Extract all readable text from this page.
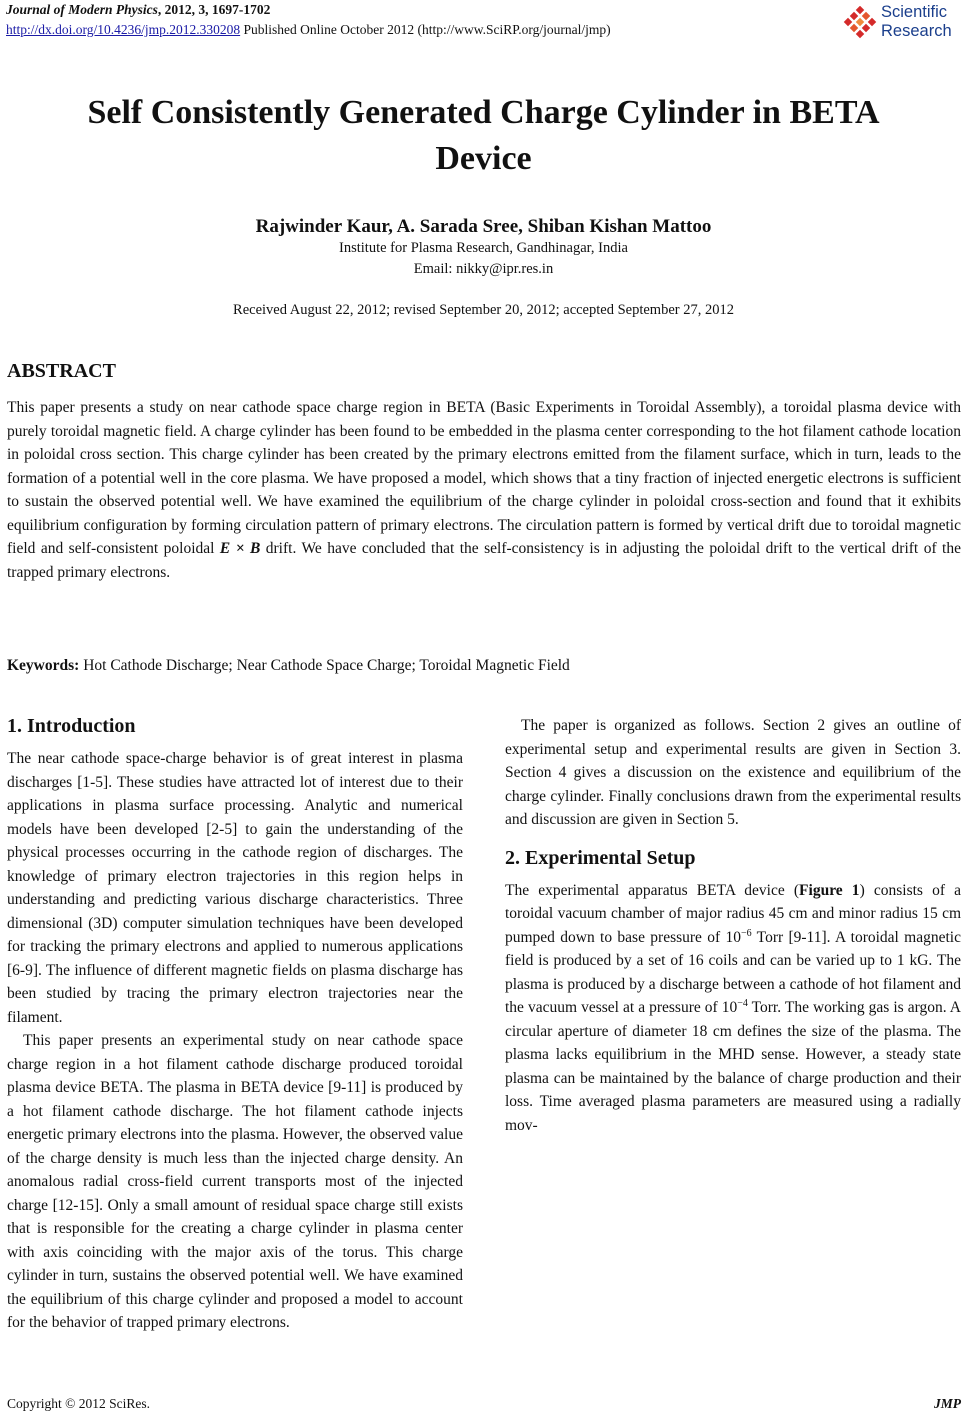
Journal of Modern Physics, 2012, 3, 1697-1702
http://dx.doi.org/10.4236/jmp.2012.330208 Published Online October 2012 (http://www.SciRP.org/journal/jmp)
Scientific
Research
Self Consistently Generated Charge Cylinder in BETA Device
Rajwinder Kaur, A. Sarada Sree, Shiban Kishan Mattoo
Institute for Plasma Research, Gandhinagar, India
Email: nikky@ipr.res.in
Received August 22, 2012; revised September 20, 2012; accepted September 27, 2012
ABSTRACT

This paper presents a study on near cathode space charge region in BETA (Basic Experiments in Toroidal Assembly), a toroidal plasma device with purely toroidal magnetic field. A charge cylinder has been found to be embedded in the plasma center corresponding to the hot filament cathode location in poloidal cross section. This charge cylinder has been created by the primary electrons emitted from the filament surface, which in turn, leads to the formation of a potential well in the core plasma. We have proposed a model, which shows that a tiny fraction of injected energetic electrons is sufficient to sustain the observed potential well. We have examined the equilibrium of the charge cylinder in poloidal cross-section and found that it exhibits equilibrium configuration by forming circulation pattern of primary electrons. The circulation pattern is formed by vertical drift due to toroidal magnetic field and self-consistent poloidal E × B drift. We have concluded that the self-consistency is in adjusting the poloidal drift to the vertical drift of the trapped primary electrons.

Keywords: Hot Cathode Discharge; Near Cathode Space Charge; Toroidal Magnetic Field
1. Introduction

The near cathode space-charge behavior is of great interest in plasma discharges [1-5]. These studies have attracted lot of interest due to their applications in plasma surface processing. Analytic and numerical models have been developed [2-5] to gain the understanding of the physical processes occurring in the cathode region of discharges. The knowledge of primary electron trajectories in this region helps in understanding and predicting various discharge characteristics. Three dimensional (3D) computer simulation techniques have been developed for tracking the primary electrons and applied to numerous applications [6-9]. The influence of different magnetic fields on plasma discharge has been studied by tracing the primary electron trajectories near the filament.

This paper presents an experimental study on near cathode space charge region in a hot filament cathode discharge produced toroidal plasma device BETA. The plasma in BETA device [9-11] is produced by a hot filament cathode discharge. The hot filament cathode injects energetic primary electrons into the plasma. However, the observed value of the charge density is much less than the injected charge density. An anomalous radial cross-field current transports most of the injected charge [12-15]. Only a small amount of residual space charge still exists that is responsible for the creating a charge cylinder in plasma center with axis coinciding with the major axis of the torus. This charge cylinder in turn, sustains the observed potential well. We have examined the equilibrium of this charge cylinder and proposed a model to account for the behavior of trapped primary electrons.

The paper is organized as follows. Section 2 gives an outline of experimental setup and experimental results are given in Section 3. Section 4 gives a discussion on the existence and equilibrium of the charge cylinder. Finally conclusions drawn from the experimental results and discussion are given in Section 5.

2. Experimental Setup

The experimental apparatus BETA device (Figure 1) consists of a toroidal vacuum chamber of major radius 45 cm and minor radius 15 cm pumped down to base pressure of $10^{-6}$ Torr [9-11]. A toroidal magnetic field is produced by a set of 16 coils and can be varied up to 1 kG. The plasma is produced by a discharge between a cathode of hot filament and the vacuum vessel at a pressure of $10^{-4}$ Torr. The working gas is argon. A circular aperture of diameter 18 cm defines the size of the plasma. The plasma lacks equilibrium in the MHD sense. However, a steady state plasma can be maintained by the balance of charge production and their loss. Time averaged plasma parameters are measured using a radially mov-

Copyright © 2012 SciRes.	JMP
